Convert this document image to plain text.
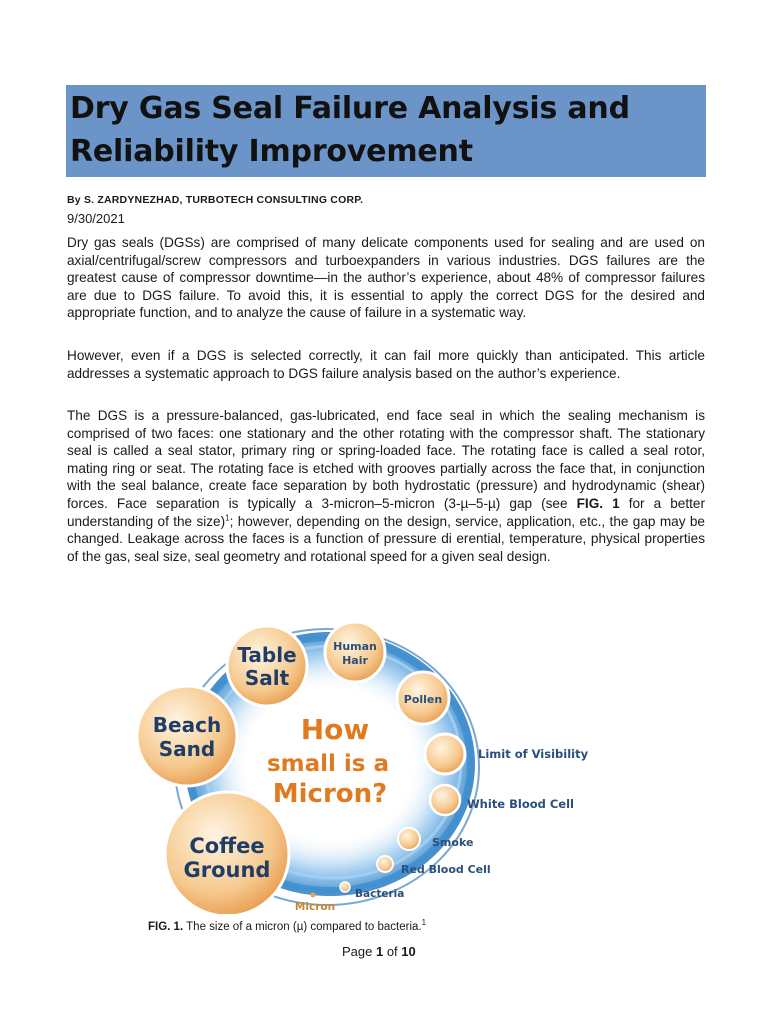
Dry Gas Seal Failure Analysis and Reliability Improvement
By S. ZARDYNEZHAD, TURBOTECH CONSULTING CORP.
9/30/2021

Dry gas seals (DGSs) are comprised of many delicate components used for sealing and are used on axial/centrifugal/screw compressors and turboexpanders in various industries. DGS failures are the greatest cause of compressor downtime—in the author’s experience, about 48% of compressor failures are due to DGS failure. To avoid this, it is essential to apply the correct DGS for the desired and appropriate function, and to analyze the cause of failure in a systematic way.

However, even if a DGS is selected correctly, it can fail more quickly than anticipated. This article addresses a systematic approach to DGS failure analysis based on the author’s experience.

The DGS is a pressure-balanced, gas-lubricated, end face seal in which the sealing mechanism is comprised of two faces: one stationary and the other rotating with the compressor shaft. The stationary seal is called a seal stator, primary ring or spring-loaded face. The rotating face is called a seal rotor, mating ring or seat. The rotating face is etched with grooves partially across the face that, in conjunction with the seal balance, create face separation by both hydrostatic (pressure) and hydrodynamic (shear) forces. Face separation is typically a 3-micron–5-micron (3-µ–5-µ) gap (see FIG. 1 for a better understanding of the size)$^1$; however, depending on the design, service, application, etc., the gap may be changed. Leakage across the faces is a function of pressure di erential, temperature, physical properties of the gas, seal size, seal geometry and rotational speed for a given seal design.

How
small is a
Micron?
Table
Salt
Human
Hair
Pollen
Beach
Sand	Limit of Visibility
White Blood Cell
Coffee
Ground
Smoke
Red Blood Cell
Bacteria
Micron
FIG. 1. The size of a micron (µ) compared to bacteria.$^1$
Page 1 of 10
